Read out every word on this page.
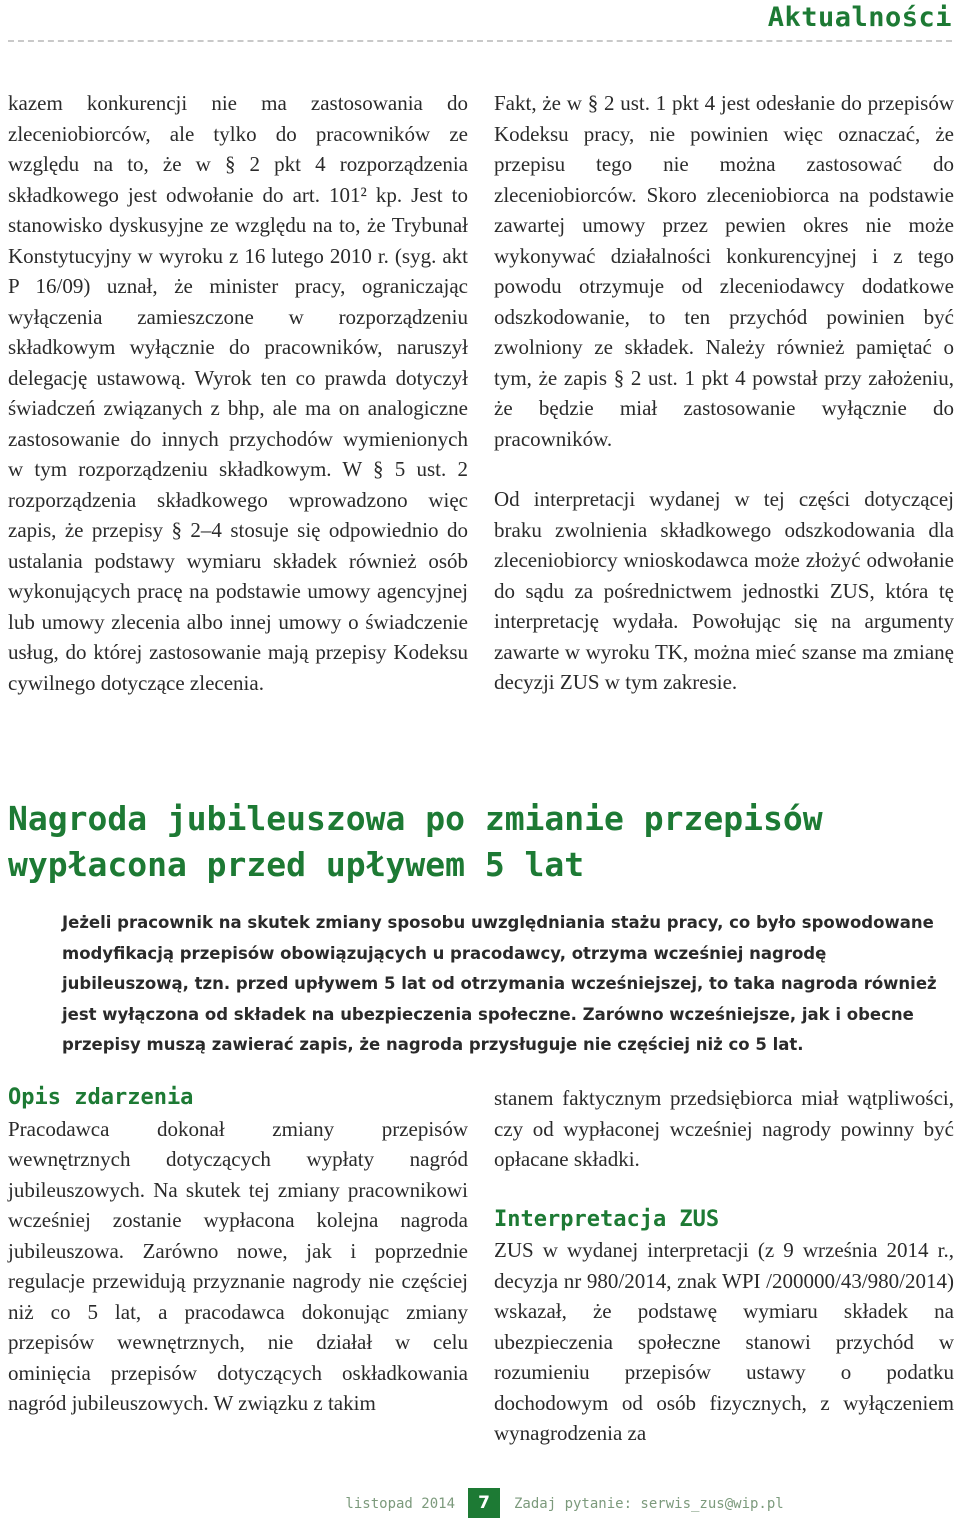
Aktualności

kazem konkurencji nie ma zastosowania do zleceniobiorców, ale tylko do pracowników ze względu na to, że w § 2 pkt 4 rozporządzenia składkowego jest odwołanie do art. 101² kp. Jest to stanowisko dyskusyjne ze względu na to, że Trybunał Konstytucyjny w wyroku z 16 lutego 2010 r. (syg. akt P 16/09) uznał, że minister pracy, ograniczając wyłączenia zamieszczone w rozporządzeniu składkowym wyłącznie do pracowników, naruszył delegację ustawową. Wyrok ten co prawda dotyczył świadczeń związanych z bhp, ale ma on analogiczne zastosowanie do innych przychodów wymienionych w tym rozporządzeniu składkowym. W § 5 ust. 2 rozporządzenia składkowego wprowadzono więc zapis, że przepisy § 2–4 stosuje się odpowiednio do ustalania podstawy wymiaru składek również osób wykonujących pracę na podstawie umowy agencyjnej lub umowy zlecenia albo innej umowy o świadczenie usług, do której zastosowanie mają przepisy Kodeksu cywilnego dotyczące zlecenia.

Fakt, że w § 2 ust. 1 pkt 4 jest odesłanie do przepisów Kodeksu pracy, nie powinien więc oznaczać, że przepisu tego nie można zastosować do zleceniobiorców. Skoro zleceniobiorca na podstawie zawartej umowy przez pewien okres nie może wykonywać działalności konkurencyjnej i z tego powodu otrzymuje od zleceniodawcy dodatkowe odszkodowanie, to ten przychód powinien być zwolniony ze składek. Należy również pamiętać o tym, że zapis § 2 ust. 1 pkt 4 powstał przy założeniu, że będzie miał zastosowanie wyłącznie do pracowników.

Od interpretacji wydanej w tej części dotyczącej braku zwolnienia składkowego odszkodowania dla zleceniobiorcy wnioskodawca może złożyć odwołanie do sądu za pośrednictwem jednostki ZUS, która tę interpretację wydała. Powołując się na argumenty zawarte w wyroku TK, można mieć szanse ma zmianę decyzji ZUS w tym zakresie.

Nagroda jubileuszowa po zmianie przepisów wypłacona przed upływem 5 lat

Jeżeli pracownik na skutek zmiany sposobu uwzględniania stażu pracy, co było spowodowane modyfikacją przepisów obowiązujących u pracodawcy, otrzyma wcześniej nagrodę jubileuszową, tzn. przed upływem 5 lat od otrzymania wcześniejszej, to taka nagroda również jest wyłączona od składek na ubezpieczenia społeczne. Zarówno wcześniejsze, jak i obecne przepisy muszą zawierać zapis, że nagroda przysługuje nie częściej niż co 5 lat.

Opis zdarzenia

Pracodawca dokonał zmiany przepisów wewnętrznych dotyczących wypłaty nagród jubileuszowych. Na skutek tej zmiany pracownikowi wcześniej zostanie wypłacona kolejna nagroda jubileuszowa. Zarówno nowe, jak i poprzednie regulacje przewidują przyznanie nagrody nie częściej niż co 5 lat, a pracodawca dokonując zmiany przepisów wewnętrznych, nie działał w celu ominięcia przepisów dotyczących oskładkowania nagród jubileuszowych. W związku z takim

stanem faktycznym przedsiębiorca miał wątpliwości, czy od wypłaconej wcześniej nagrody powinny być opłacane składki.

Interpretacja ZUS

ZUS w wydanej interpretacji (z 9 września 2014 r., decyzja nr 980/2014, znak WPI /200000/43/980/2014) wskazał, że podstawę wymiaru składek na ubezpieczenia społeczne stanowi przychód w rozumieniu przepisów ustawy o podatku dochodowym od osób fizycznych, z wyłączeniem wynagrodzenia za

listopad 2014	7	Zadaj pytanie: serwis_zus@wip.pl
